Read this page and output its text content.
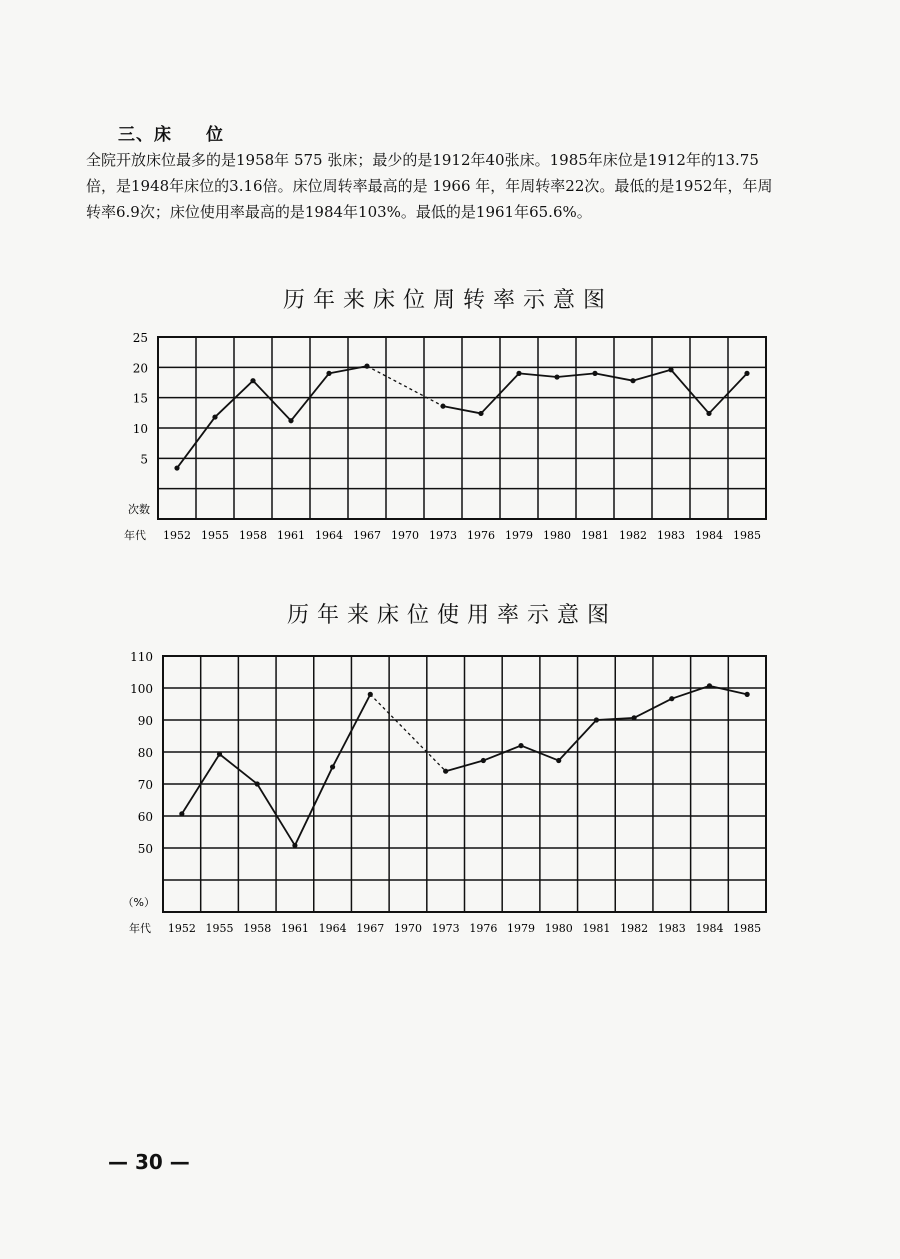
三、床 位

全院开放床位最多的是1958年 575 张床；最少的是1912年40张床。1985年床位是1912年的13.75倍，是1948年床位的3.16倍。床位周转率最高的是 1966 年，年周转率22次。最低的是1952年，年周转率6.9次；床位使用率最高的是1984年103%。最低的是1961年65.6%。

历年来床位周转率示意图
25
20
15
10
5
次数
年代 1952 1955 1958 1961 1964 1967 1970 1973 1976 1979 1980 1981 1982 1983 1984 1985
110
100
90
80
70
60
50
（%）
年代 1952 1955 1958 1961 1964 1967 1970 1973 1976 1979 1980 1981 1982 1983 1984 1985
历年来床位使用率示意图
— 30 —
